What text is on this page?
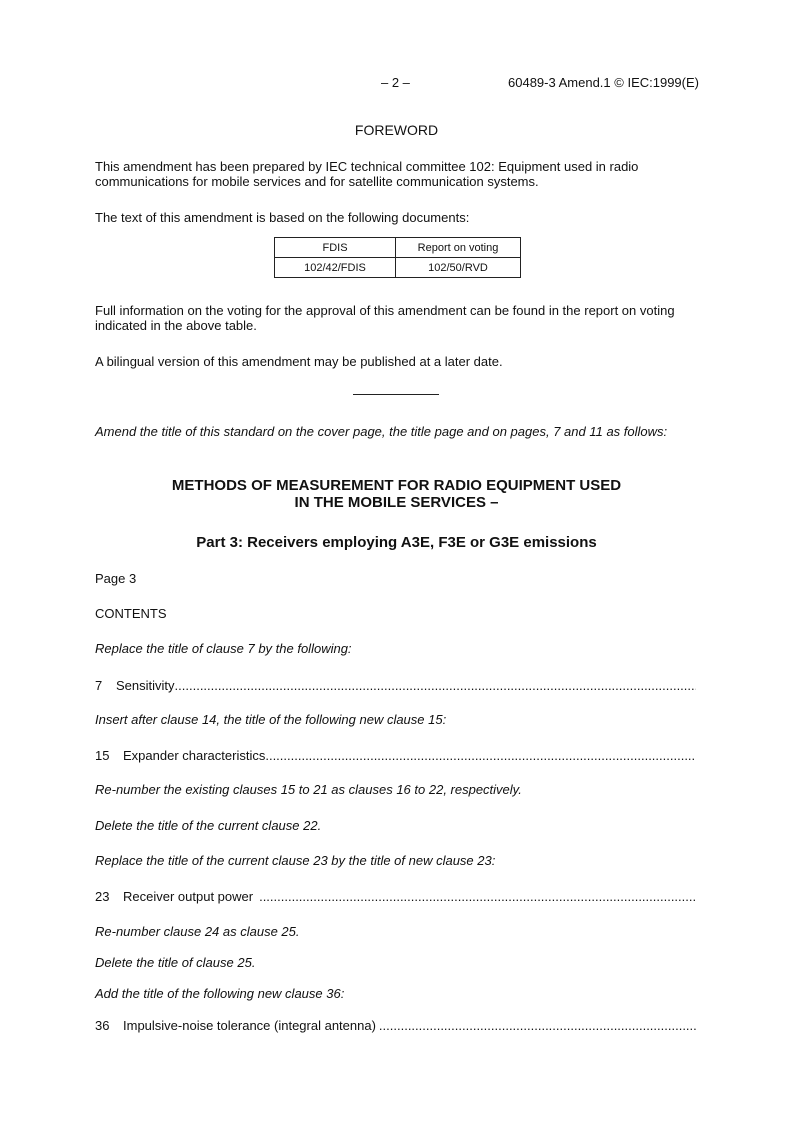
– 2 –	60489-3 Amend.1 © IEC:1999(E)
FOREWORD
This amendment has been prepared by IEC technical committee 102: Equipment used in radio communications for mobile services and for satellite communication systems.
The text of this amendment is based on the following documents:
FDIS	Report on voting
102/42/FDIS	102/50/RVD
Full information on the voting for the approval of this amendment can be found in the report on voting indicated in the above table.
A bilingual version of this amendment may be published at a later date.
Amend the title of this standard on the cover page, the title page and on pages, 7 and 11 as follows:
METHODS OF MEASUREMENT FOR RADIO EQUIPMENT USED
IN THE MOBILE SERVICES –
Part 3: Receivers employing A3E, F3E or G3E emissions
Page 3
CONTENTS
Replace the title of clause 7 by the following:
7	Sensitivity
.....
Insert after clause 14, the title of the following new clause 15:
15	Expander characteristics
.....
Re-number the existing clauses 15 to 21 as clauses 16 to 22, respectively.
Delete the title of the current clause 22.
Replace the title of the current clause 23 by the title of new clause 23:
23	Receiver output power
.....
Re-number clause 24 as clause 25.
Delete the title of clause 25.
Add the title of the following new clause 36:
36	Impulsive-noise tolerance (integral antenna)
.....
